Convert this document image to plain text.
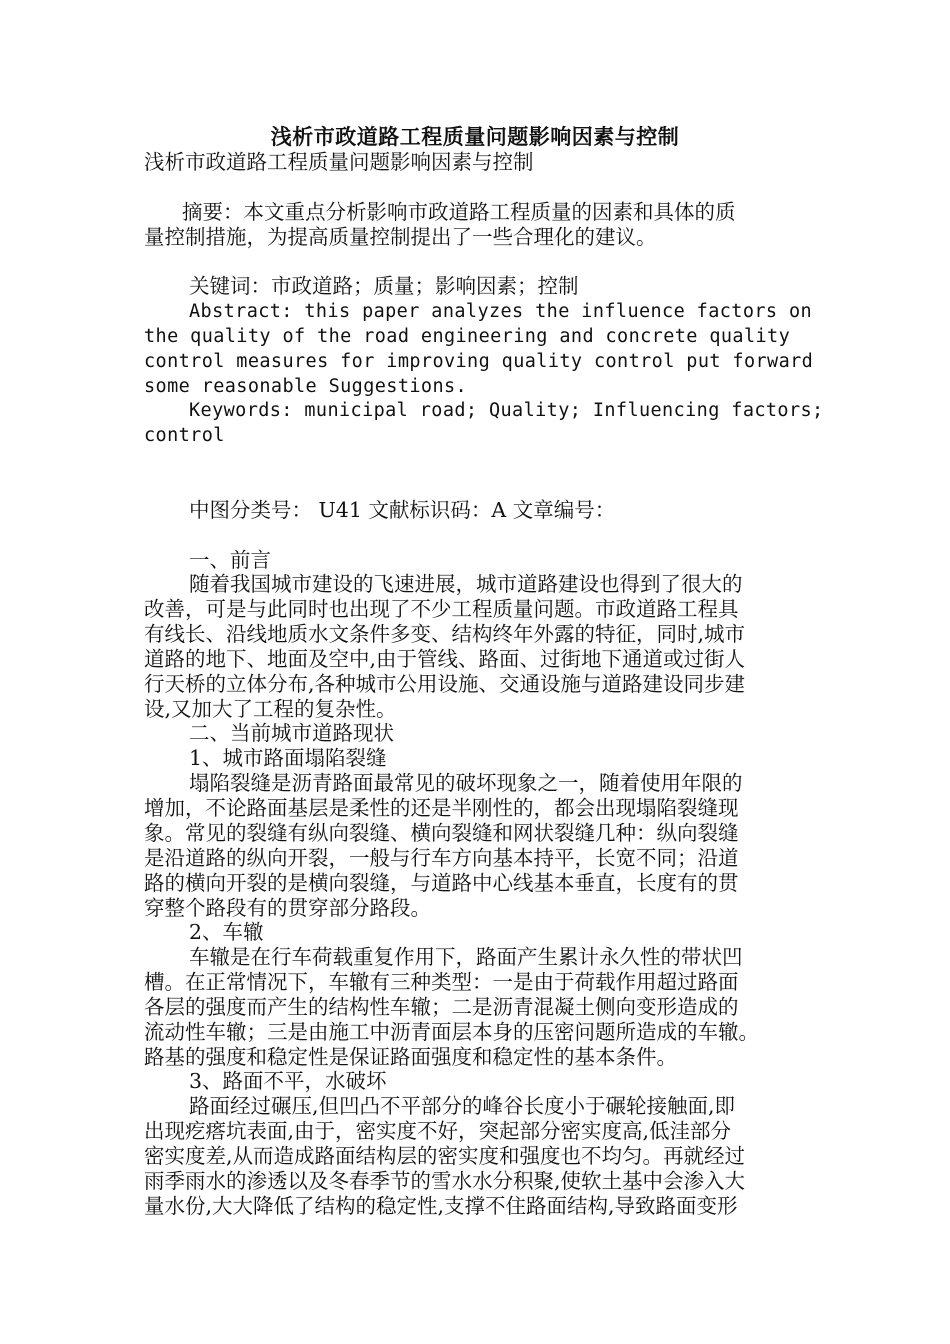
浅析市政道路工程质量问题影响因素与控制
浅析市政道路工程质量问题影响因素与控制
摘要：本文重点分析影响市政道路工程质量的因素和具体的质
量控制措施，为提高质量控制提出了一些合理化的建议。
关键词：市政道路；质量；影响因素；控制
Abstract: this paper analyzes the influence factors on
the quality of the road engineering and concrete quality
control measures for improving quality control put forward
some reasonable Suggestions.
Keywords: municipal road; Quality; Influencing factors;
control
中图分类号： U41 文献标识码：A 文章编号：
一、前言
随着我国城市建设的飞速进展，城市道路建设也得到了很大的
改善，可是与此同时也出现了不少工程质量问题。市政道路工程具
有线长、沿线地质水文条件多变、结构终年外露的特征，同时,城市
道路的地下、地面及空中,由于管线、路面、过街地下通道或过街人
行天桥的立体分布,各种城市公用设施、交通设施与道路建设同步建
设,又加大了工程的复杂性。
二、当前城市道路现状
1、城市路面塌陷裂缝
塌陷裂缝是沥青路面最常见的破坏现象之一，随着使用年限的
增加，不论路面基层是柔性的还是半刚性的，都会出现塌陷裂缝现
象。常见的裂缝有纵向裂缝、横向裂缝和网状裂缝几种：纵向裂缝
是沿道路的纵向开裂，一般与行车方向基本持平，长宽不同；沿道
路的横向开裂的是横向裂缝，与道路中心线基本垂直，长度有的贯
穿整个路段有的贯穿部分路段。
2、车辙
车辙是在行车荷载重复作用下，路面产生累计永久性的带状凹
槽。在正常情况下，车辙有三种类型：一是由于荷载作用超过路面
各层的强度而产生的结构性车辙；二是沥青混凝土侧向变形造成的
流动性车辙；三是由施工中沥青面层本身的压密问题所造成的车辙。
路基的强度和稳定性是保证路面强度和稳定性的基本条件。
3、路面不平，水破坏
路面经过碾压,但凹凸不平部分的峰谷长度小于碾轮接触面,即
出现疙瘩坑表面,由于，密实度不好，突起部分密实度高,低洼部分
密实度差,从而造成路面结构层的密实度和强度也不均匀。再就经过
雨季雨水的渗透以及冬春季节的雪水水分积聚,使软土基中会渗入大
量水份,大大降低了结构的稳定性,支撑不住路面结构,导致路面变形
